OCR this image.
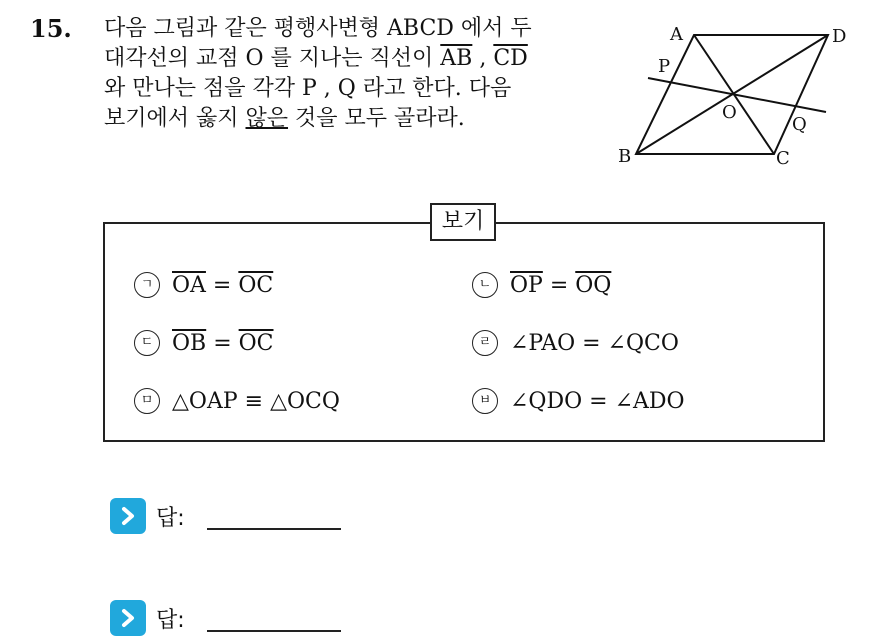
15. 다음 그림과 같은 평행사변형 ABCD 에서 두
대각선의 교점 O 를 지나는 직선이 $\overline{AB}$ , $\overline{CD}$
와 만나는 점을 각각 P , Q 라고 한다. 다음
보기에서 옳지 않은 것을 모두 골라라.
A	D
P
O
Q
B	C
보기
ㄱ $\overline{OA} = \overline{OC}$	ㄴ $\overline{OP} = \overline{OQ}$
ㄷ $\overline{OB} = \overline{OC}$	ㄹ ∠PAO = ∠QCO
ㅁ △OAP ≡ △OCQ	ㅂ ∠QDO = ∠ADO
답:
답:
